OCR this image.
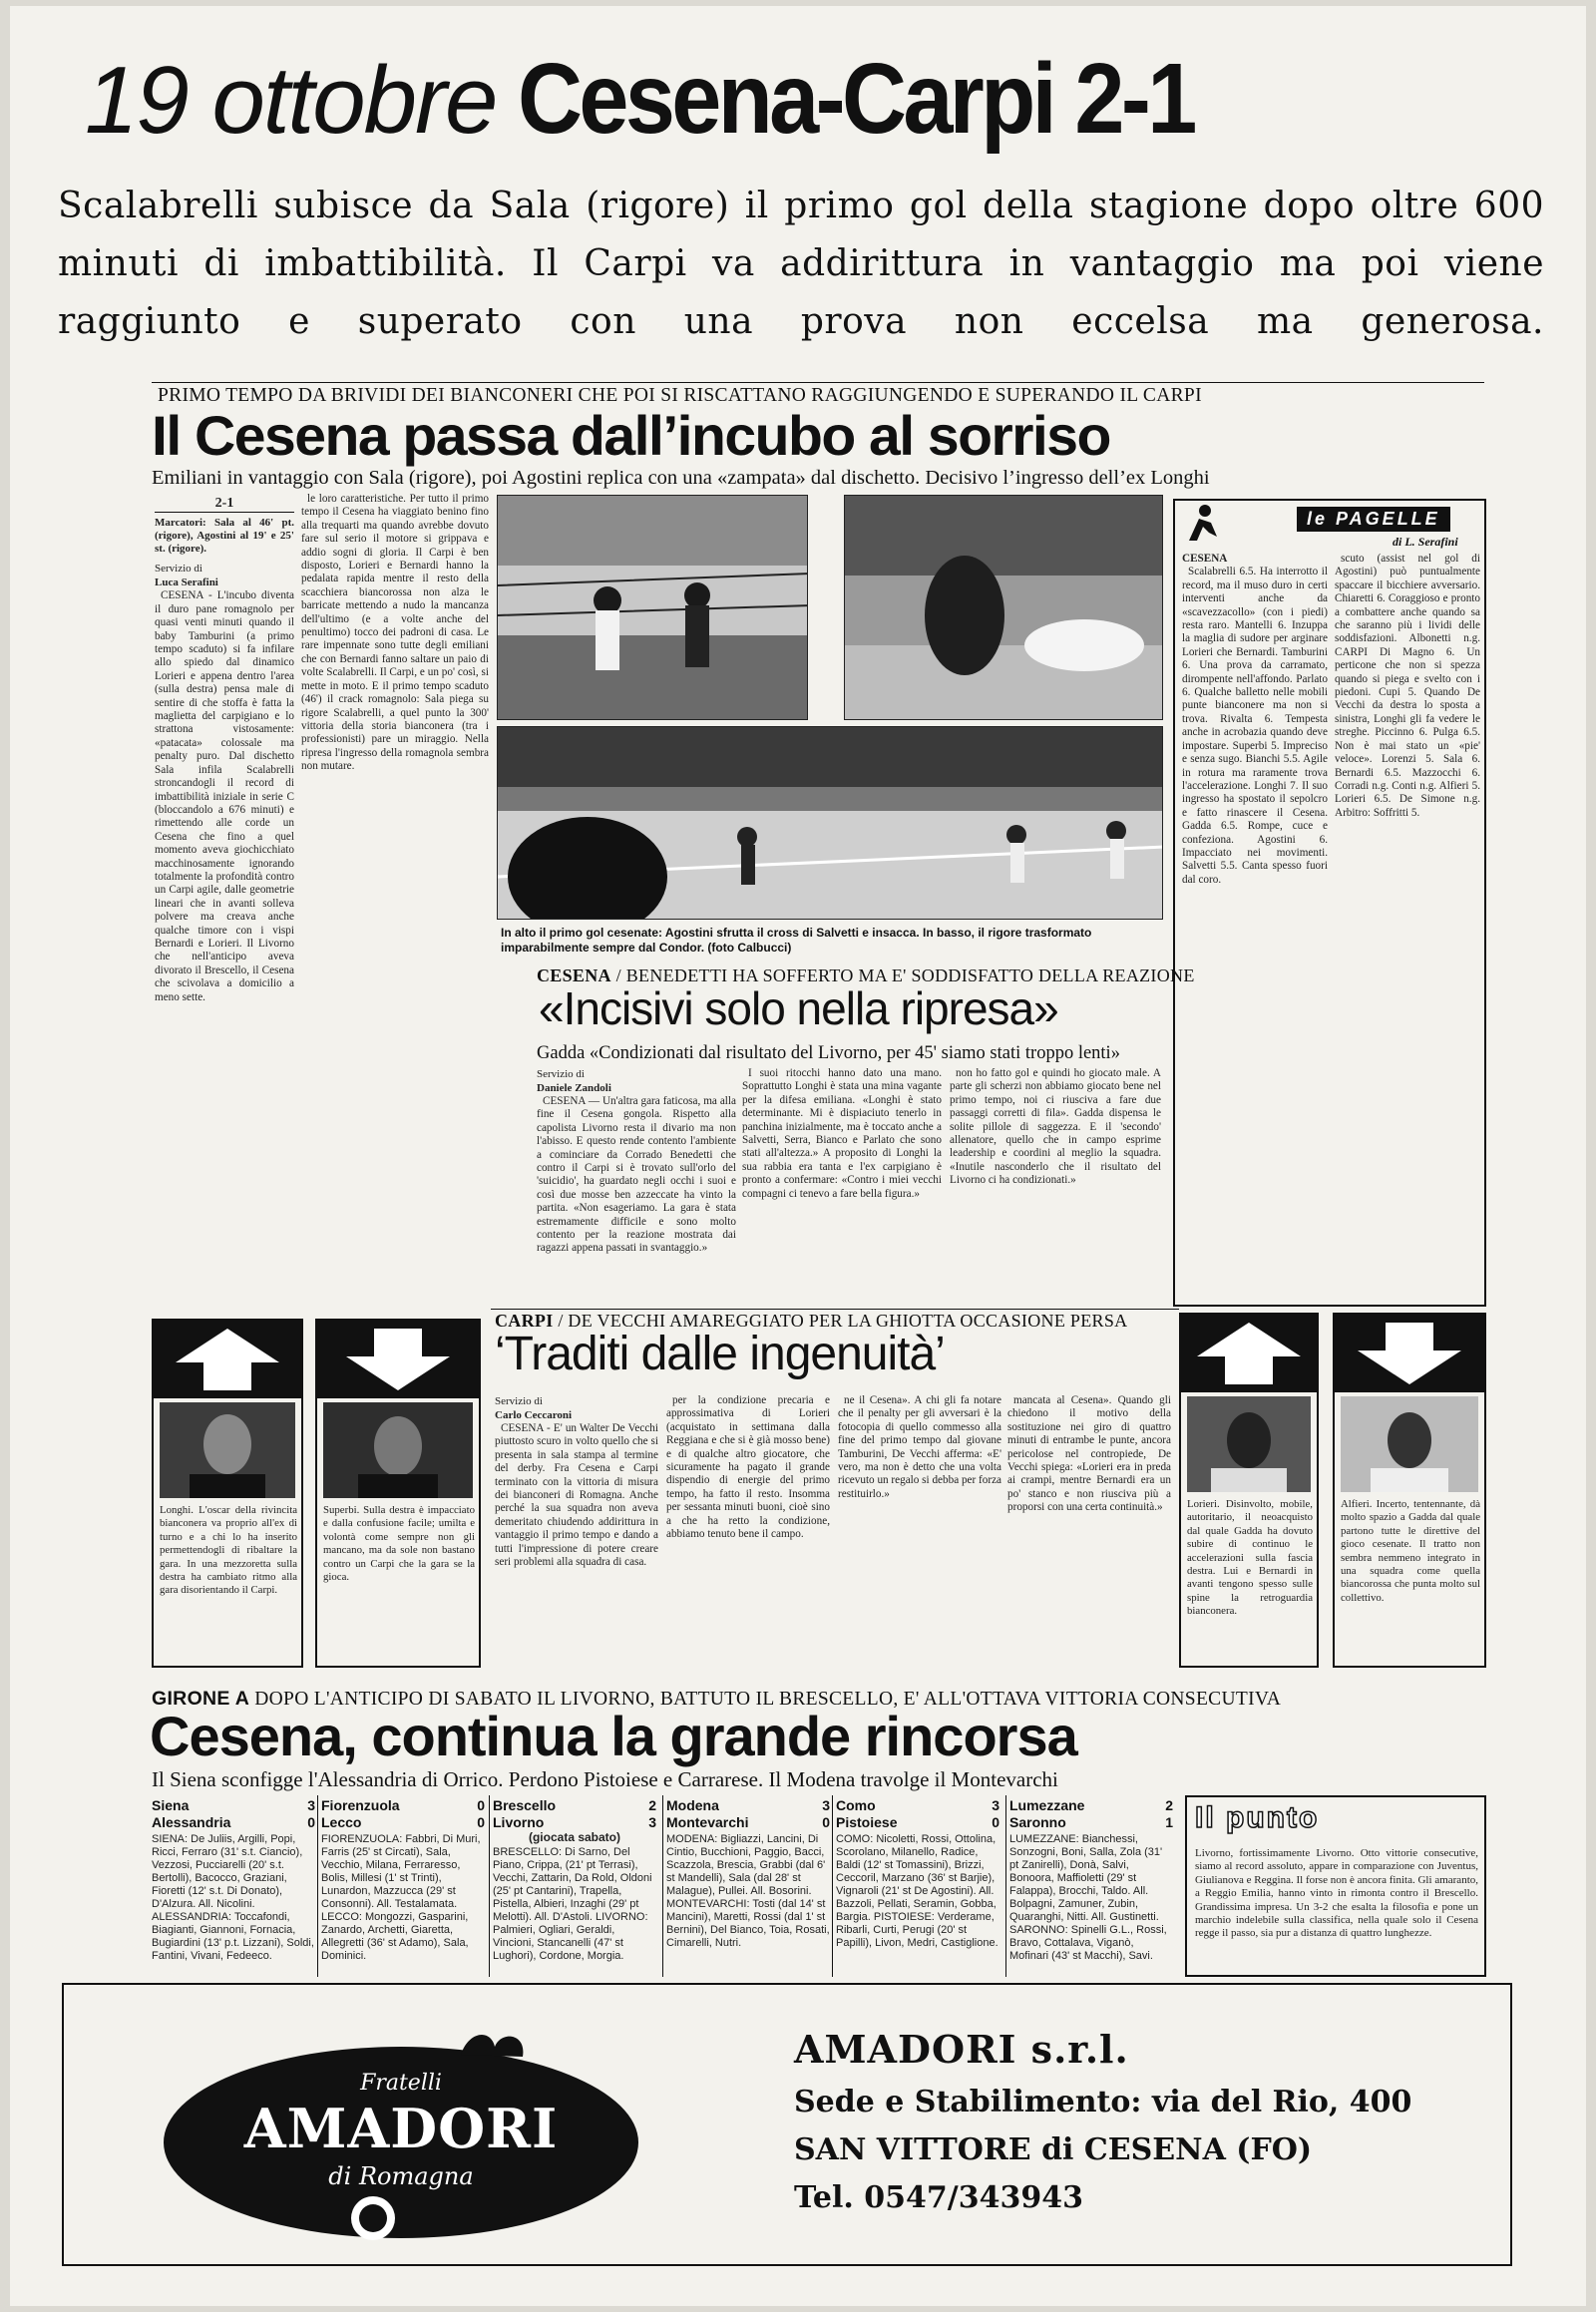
19 ottobre Cesena-Carpi 2-1
Scalabrelli subisce da Sala (rigore) il primo gol della stagione dopo oltre 600 minuti di imbattibilità. Il Carpi va addirittura in vantaggio ma poi viene raggiunto e superato con una prova non eccelsa ma generosa.
PRIMO TEMPO DA BRIVIDI DEI BIANCONERI CHE POI SI RISCATTANO RAGGIUNGENDO E SUPERANDO IL CARPI
Il Cesena passa dall’incubo al sorriso
Emiliani in vantaggio con Sala (rigore), poi Agostini replica con una «zampata» dal dischetto. Decisivo l’ingresso dell’ex Longhi
2-1
Marcatori: Sala al 46' pt. (rigore), Agostini al 19' e 25' st. (rigore).
Servizio di
Luca Serafini

CESENA - L'incubo diventa il duro pane romagnolo per quasi venti minuti quando il baby Tamburini (a primo tempo scaduto) si fa infilare allo spiedo dal dinamico Lorieri e appena dentro l'area (sulla destra) pensa male di sentire di che stoffa è fatta la maglietta del carpigiano e lo strattona vistosamente: «patacata» colossale ma penalty puro. Dal dischetto Sala infila Scalabrelli stroncandogli il record di imbattibilità iniziale in serie C (bloccandolo a 676 minuti) e rimettendo alle corde un Cesena che fino a quel momento aveva giochicchiato macchinosamente ignorando totalmente la profondità contro un Carpi agile, dalle geometrie lineari che in avanti solleva polvere ma creava anche qualche timore con i vispi Bernardi e Lorieri. Il Livorno che nell'anticipo aveva divorato il Brescello, il Cesena che scivolava a domicilio a meno sette.

le loro caratteristiche. Per tutto il primo tempo il Cesena ha viaggiato benino fino alla trequarti ma quando avrebbe dovuto fare sul serio il motore si grippava e addio sogni di gloria. Il Carpi è ben disposto, Lorieri e Bernardi hanno la pedalata rapida mentre il resto della scacchiera biancorossa non alza le barricate mettendo a nudo la mancanza dell'ultimo (e a volte anche del penultimo) tocco dei padroni di casa. Le rare impennate sono tutte degli emiliani che con Bernardi fanno saltare un paio di volte Scalabrelli. Il Carpi, e un po' così, si mette in moto. E il primo tempo scaduto (46') il crack romagnolo: Sala piega su rigore Scalabrelli, a quel punto la 300' vittoria della storia bianconera (tra i professionisti) pare un miraggio. Nella ripresa l'ingresso della romagnola sembra non mutare.

In alto il primo gol cesenate: Agostini sfrutta il cross di Salvetti e insacca. In basso, il rigore trasformato imparabilmente sempre dal Condor. (foto Calbucci)
le PAGELLE
di L. Serafini
CESENA

Scalabrelli 6.5. Ha interrotto il record, ma il muso duro in certi interventi anche da «scavezzacollo» (con i piedi) resta raro. Mantelli 6. Inzuppa la maglia di sudore per arginare Lorieri che Bernardi. Tamburini 6. Una prova da carramato, dirompente nell'affondo. Parlato 6. Qualche balletto nelle mobili punte bianconere ma non si trova. Rivalta 6. Tempesta anche in acrobazia quando deve impostare. Superbi 5. Impreciso e senza sugo. Bianchi 5.5. Agile in rotura ma raramente trova l'accelerazione. Longhi 7. Il suo ingresso ha spostato il sepolcro e fatto rinascere il Cesena. Gadda 6.5. Rompe, cuce e confeziona. Agostini 6. Impacciato nei movimenti. Salvetti 5.5. Canta spesso fuori dal coro.

scuto (assist nel gol di Agostini) può puntualmente spaccare il bicchiere avversario. Chiaretti 6. Coraggioso e pronto a combattere anche quando sa che saranno più i lividi delle soddisfazioni. Albonetti n.g. CARPI Di Magno 6. Un perticone che non si spezza quando si piega e svelto con i piedoni. Cupi 5. Quando De Vecchi da destra lo sposta a sinistra, Longhi gli fa vedere le streghe. Piccinno 6. Pulga 6.5. Non è mai stato un «pie' veloce». Lorenzi 5. Sala 6. Bernardi 6.5. Mazzocchi 6. Corradi n.g. Conti n.g. Alfieri 5. Lorieri 6.5. De Simone n.g. Arbitro: Soffritti 5.

CESENA / BENEDETTI HA SOFFERTO MA E' SODDISFATTO DELLA REAZIONE
«Incisivi solo nella ripresa»
Gadda «Condizionati dal risultato del Livorno, per 45' siamo stati troppo lenti»
Servizio di
Daniele Zandoli

CESENA — Un'altra gara faticosa, ma alla fine il Cesena gongola. Rispetto alla capolista Livorno resta il divario ma non l'abisso. E questo rende contento l'ambiente a cominciare da Corrado Benedetti che contro il Carpi si è trovato sull'orlo del 'suicidio', ha guardato negli occhi i suoi e così due mosse ben azzeccate ha vinto la partita. «Non esageriamo. La gara è stata estremamente difficile e sono molto contento per la reazione mostrata dai ragazzi appena passati in svantaggio.»

I suoi ritocchi hanno dato una mano. Soprattutto Longhi è stata una mina vagante per la difesa emiliana. «Longhi è stato determinante. Mi è dispiaciuto tenerlo in panchina inizialmente, ma è toccato anche a Salvetti, Serra, Bianco e Parlato che sono stati all'altezza.» A proposito di Longhi la sua rabbia era tanta e l'ex carpigiano è pronto a confermare: «Contro i miei vecchi compagni ci tenevo a fare bella figura.»

non ho fatto gol e quindi ho giocato male. A parte gli scherzi non abbiamo giocato bene nel primo tempo, noi ci riusciva a fare due passaggi corretti di fila». Gadda dispensa le solite pillole di saggezza. E il 'secondo' allenatore, quello che in campo esprime leadership e coordini al meglio la squadra. «Inutile nasconderlo che il risultato del Livorno ci ha condizionati.»

CARPI / DE VECCHI AMAREGGIATO PER LA GHIOTTA OCCASIONE PERSA
‘Traditi dalle ingenuità’
Servizio di
Carlo Ceccaroni

CESENA - E' un Walter De Vecchi piuttosto scuro in volto quello che si presenta in sala stampa al termine del derby. Fra Cesena e Carpi terminato con la vittoria di misura dei bianconeri di Romagna. Anche perché la sua squadra non aveva demeritato chiudendo addirittura in vantaggio il primo tempo e dando a tutti l'impressione di potere creare seri problemi alla squadra di casa.

per la condizione precaria e approssimativa di Lorieri (acquistato in settimana dalla Reggiana e che si è già mosso bene) e di qualche altro giocatore, che sicuramente ha pagato il grande dispendio di energie del primo tempo, ha fatto il resto. Insomma per sessanta minuti buoni, cioè sino a che ha retto la condizione, abbiamo tenuto bene il campo.

ne il Cesena». A chi gli fa notare che il penalty per gli avversari è la fotocopia di quello commesso alla fine del primo tempo dal giovane Tamburini, De Vecchi afferma: «E' vero, ma non è detto che una volta ricevuto un regalo si debba per forza restituirlo.»

mancata al Cesena». Quando gli chiedono il motivo della sostituzione nei giro di quattro minuti di entrambe le punte, ancora pericolose nel contropiede, De Vecchi spiega: «Lorieri era in preda ai crampi, mentre Bernardi era un po' stanco e non riusciva più a proporsi con una certa continuità.»

Longhi. L'oscar della rivincita bianconera va proprio all'ex di turno e a chi lo ha inserito permettendogli di ribaltare la gara. In una mezzoretta sulla destra ha cambiato ritmo alla gara disorientando il Carpi.
Superbi. Sulla destra è impacciato e dalla confusione facile; umilta e volontà come sempre non gli mancano, ma da sole non bastano contro un Carpi che la gara se la gioca.
Lorieri. Disinvolto, mobile, autoritario, il neoacquisto dal quale Gadda ha dovuto subire di continuo le accelerazioni sulla fascia destra. Lui e Bernardi in avanti tengono spesso sulle spine la retroguardia bianconera.
Alfieri. Incerto, tentennante, dà molto spazio a Gadda dal quale partono tutte le direttive del gioco cesenate. Il tratto non sembra nemmeno integrato in una squadra come quella biancorossa che punta molto sul collettivo.
GIRONE A DOPO L'ANTICIPO DI SABATO IL LIVORNO, BATTUTO IL BRESCELLO, E' ALL'OTTAVA VITTORIA CONSECUTIVA
Cesena, continua la grande rincorsa
Il Siena sconfigge l'Alessandria di Orrico. Perdono Pistoiese e Carrarese. Il Modena travolge il Montevarchi
Siena	3
Alessandria	0
SIENA: De Juliis, Argilli, Popi, Ricci, Ferraro (31' s.t. Ciancio), Vezzosi, Pucciarelli (20' s.t. Bertolli), Bacocco, Graziani, Fioretti (12' s.t. Di Donato), D'Alzura. All. Nicolini. ALESSANDRIA: Toccafondi, Biagianti, Giannoni, Fornacia, Bugiardini (13' p.t. Lizzani), Soldi, Fantini, Vivani, Fedeeco.
Fiorenzuola	0
Lecco	0
FIORENZUOLA: Fabbri, Di Muri, Farris (25' st Circati), Sala, Vecchio, Milana, Ferraresso, Bolis, Millesi (1' st Trinti), Lunardon, Mazzucca (29' st Consonni). All. Testalamata. LECCO: Mongozzi, Gasparini, Zanardo, Archetti, Giaretta, Allegretti (36' st Adamo), Sala, Dominici.
Brescello	2
Livorno	3
(giocata sabato)
BRESCELLO: Di Sarno, Del Piano, Crippa, (21' pt Terrasi), Vecchi, Zattarin, Da Rold, Oldoni (25' pt Cantarini), Trapella, Pistella, Albieri, Inzaghi (29' pt Melotti). All. D'Astoli. LIVORNO: Palmieri, Ogliari, Geraldi, Vincioni, Stancanelli (47' st Lughori), Cordone, Morgia.
Modena	3
Montevarchi	0
MODENA: Bigliazzi, Lancini, Di Cintio, Bucchioni, Paggio, Bacci, Scazzola, Brescia, Grabbi (dal 6' st Mandelli), Sala (dal 28' st Malague), Pullei. All. Bosorini. MONTEVARCHI: Tosti (dal 14' st Mancini), Maretti, Rossi (dal 1' st Bernini), Del Bianco, Toia, Rosati, Cimarelli, Nutri.
Como	3
Pistoiese	0
COMO: Nicoletti, Rossi, Ottolina, Scorolano, Milanello, Radice, Baldi (12' st Tomassini), Brizzi, Ceccoril, Marzano (36' st Barjie), Vignaroli (21' st De Agostini). All. Bazzoli, Pellati, Seramin, Gobba, Bargia. PISTOIESE: Verderame, Ribarli, Curti, Perugi (20' st Papilli), Livon, Medri, Castiglione.
Lumezzane	2
Saronno	1
LUMEZZANE: Bianchessi, Sonzogni, Boni, Salla, Zola (31' pt Zanirelli), Donà, Salvi, Bonoora, Maffioletti (29' st Falappa), Brocchi, Taldo. All. Bolpagni, Zamuner, Zubin, Quaranghi, Nitti. All. Gustinetti. SARONNO: Spinelli G.L., Rossi, Bravo, Cottalava, Viganò, Mofinari (43' st Macchi), Savi.
Il punto
Livorno, fortissimamente Livorno. Otto vittorie consecutive, siamo al record assoluto, appare in comparazione con Juventus, Giulianova e Reggina. Il forse non è ancora finita. Gli amaranto, a Reggio Emilia, hanno vinto in rimonta contro il Brescello. Grandissima impresa. Un 3-2 che esalta la filosofia e pone un marchio indelebile sulla classifica, nella quale solo il Cesena regge il passo, sia pur a distanza di quattro lunghezze.
Fratelli
AMADORI
di Romagna
AMADORI s.r.l.
Sede e Stabilimento: via del Rio, 400
SAN VITTORE di CESENA (FO)
Tel. 0547/343943
